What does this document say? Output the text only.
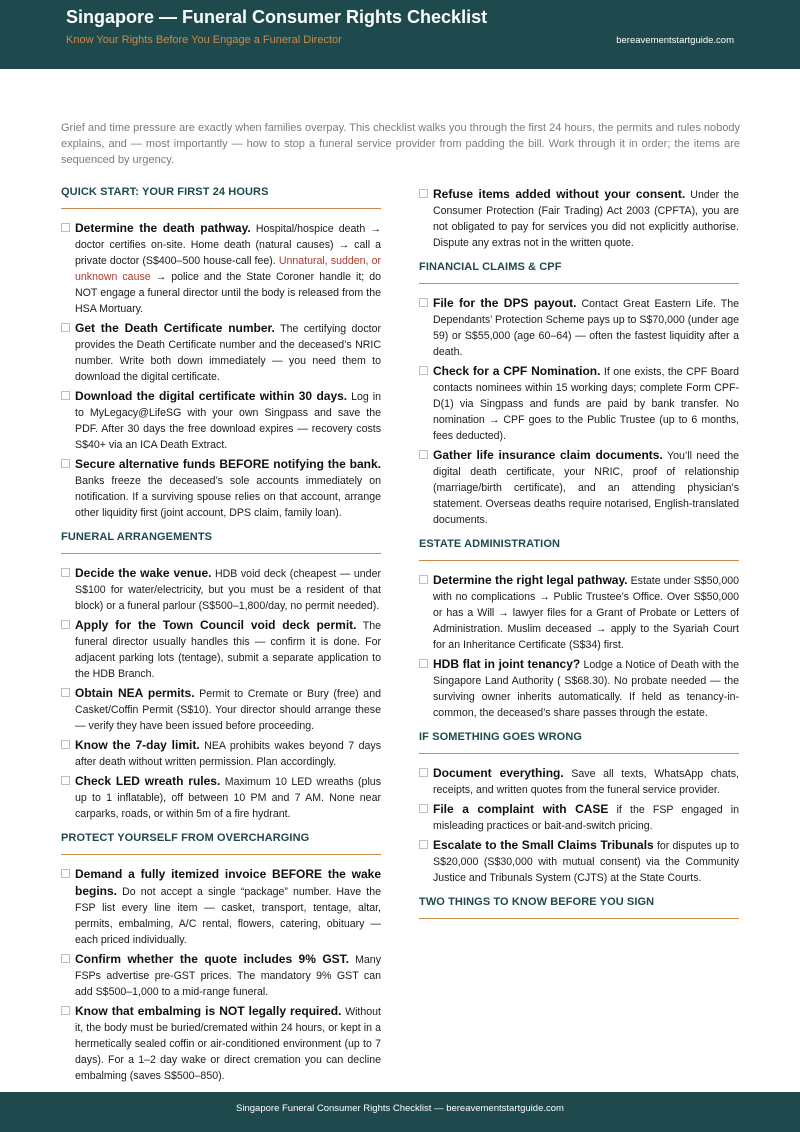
Singapore — Funeral Consumer Rights Checklist
Know Your Rights Before You Engage a Funeral Director	bereavementstartguide.com

Grief and time pressure are exactly when families overpay. This checklist walks you through the first 24 hours, the permits and rules nobody explains, and — most importantly — how to stop a funeral service provider from padding the bill. Work through it in order; the items are sequenced by urgency.

QUICK START: YOUR FIRST 24 HOURS
Determine the death pathway. Hospital/hospice death → doctor certifies on-site. Home death (natural causes) → call a private doctor (S$400–500 house-call fee). Unnatural, sudden, or unknown cause → police and the State Coroner handle it; do NOT engage a funeral director until the body is released from the HSA Mortuary.
Get the Death Certificate number. The certifying doctor provides the Death Certificate number and the deceased’s NRIC number. Write both down immediately — you need them to download the digital certificate.
Download the digital certificate within 30 days. Log in to MyLegacy@LifeSG with your own Singpass and save the PDF. After 30 days the free download expires — recovery costs S$40+ via an ICA Death Extract.
Secure alternative funds BEFORE notifying the bank. Banks freeze the deceased’s sole accounts immediately on notification. If a surviving spouse relies on that account, arrange other liquidity first (joint account, DPS claim, family loan).
FUNERAL ARRANGEMENTS
Decide the wake venue. HDB void deck (cheapest — under S$100 for water/electricity, but you must be a resident of that block) or a funeral parlour (S$500–1,800/day, no permit needed).
Apply for the Town Council void deck permit. The funeral director usually handles this — confirm it is done. For adjacent parking lots (tentage), submit a separate application to the HDB Branch.
Obtain NEA permits. Permit to Cremate or Bury (free) and Casket/Coffin Permit (S$10). Your director should arrange these — verify they have been issued before proceeding.
Know the 7-day limit. NEA prohibits wakes beyond 7 days after death without written permission. Plan accordingly.
Check LED wreath rules. Maximum 10 LED wreaths (plus up to 1 inflatable), off between 10 PM and 7 AM. None near carparks, roads, or within 5m of a fire hydrant.
PROTECT YOURSELF FROM OVERCHARGING
Demand a fully itemized invoice BEFORE the wake begins. Do not accept a single “package” number. Have the FSP list every line item — casket, transport, tentage, altar, permits, embalming, A/C rental, flowers, catering, obituary — each priced individually.
Confirm whether the quote includes 9% GST. Many FSPs advertise pre-GST prices. The mandatory 9% GST can add S$500–1,000 to a mid-range funeral.
Know that embalming is NOT legally required. Without it, the body must be buried/cremated within 24 hours, or kept in a hermetically sealed coffin or air-conditioned environment (up to 7 days). For a 1–2 day wake or direct cremation you can decline embalming (saves S$500–850).
Refuse items added without your consent. Under the Consumer Protection (Fair Trading) Act 2003 (CPFTA), you are not obligated to pay for services you did not explicitly authorise. Dispute any extras not in the written quote.
FINANCIAL CLAIMS & CPF
File for the DPS payout. Contact Great Eastern Life. The Dependants’ Protection Scheme pays up to S$70,000 (under age 59) or S$55,000 (age 60–64) — often the fastest liquidity after a death.
Check for a CPF Nomination. If one exists, the CPF Board contacts nominees within 15 working days; complete Form CPF-D(1) via Singpass and funds are paid by bank transfer. No nomination → CPF goes to the Public Trustee (up to 6 months, fees deducted).
Gather life insurance claim documents. You’ll need the digital death certificate, your NRIC, proof of relationship (marriage/birth certificate), and an attending physician’s statement. Overseas deaths require notarised, English-translated documents.
ESTATE ADMINISTRATION
Determine the right legal pathway. Estate under S$50,000 with no complications → Public Trustee’s Office. Over S$50,000 or has a Will → lawyer files for a Grant of Probate or Letters of Administration. Muslim deceased → apply to the Syariah Court for an Inheritance Certificate (S$34) first.
HDB flat in joint tenancy? Lodge a Notice of Death with the Singapore Land Authority ( S$68.30). No probate needed — the surviving owner inherits automatically. If held as tenancy-in-common, the deceased’s share passes through the estate.
IF SOMETHING GOES WRONG
Document everything. Save all texts, WhatsApp chats, receipts, and written quotes from the funeral service provider.
File a complaint with CASE if the FSP engaged in misleading practices or bait-and-switch pricing.
Escalate to the Small Claims Tribunals for disputes up to S$20,000 (S$30,000 with mutual consent) via the Community Justice and Tribunals System (CJTS) at the State Courts.
TWO THINGS TO KNOW BEFORE YOU SIGN
Singapore Funeral Consumer Rights Checklist — bereavementstartguide.com
